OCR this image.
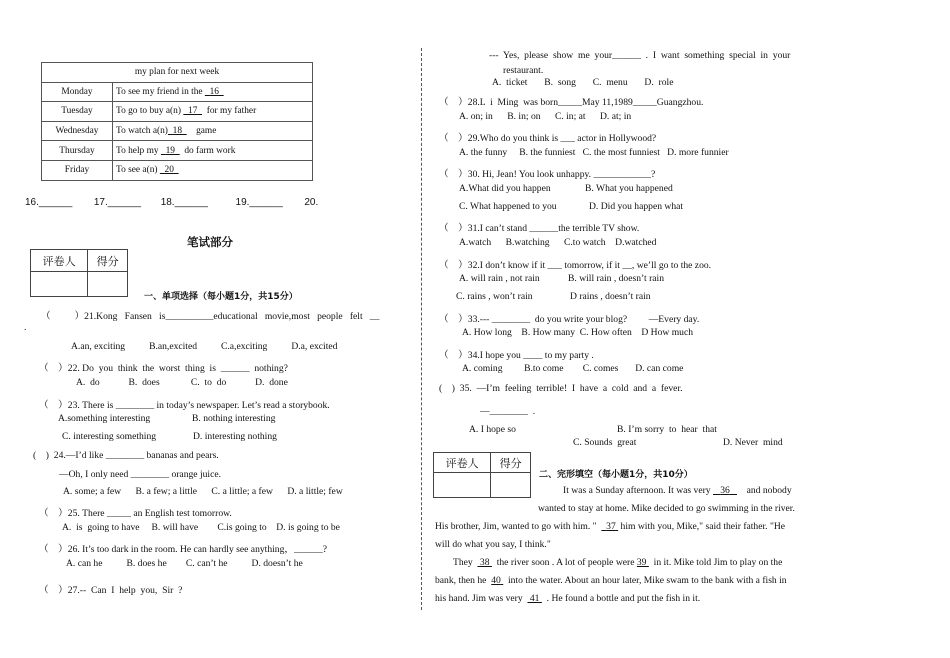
my plan for next week	
Monday	To see my friend in the   16
Tuesday	To go to buy a(n)   17    for my father
Wednesday	To watch a(n) 18      game
Thursday	To help my   19    do farm work
Friday	To see a(n)   20
16.______ 17.______ 18.______	19.______ 20.
笔试部分
评卷人	得分

一、单项选择（每小题1分，共15分）
（          ）21.Kong   Fansen   is__________educational   movie,most   people   felt   __
.
A.an, exciting          B.an,excited          C.a,exciting          D.a, excited
（    ）22. Do  you  think  the  worst  thing  is  ______  nothing?
A.  do            B.  does             C.  to  do            D.  done
（    ）23. There is ________ in today’s newspaper. Let’s read a storybook.
A.something interesting	B. nothing interesting
C. interesting something	D. interesting nothing
(    )  24.—I’d like ________ bananas and pears.
—Oh, I only need ________ orange juice.
A. some; a few      B. a few; a little      C. a little; a few      D. a little; few
（    ）25. There _____ an English test tomorrow.
A.  is  going to have     B. will have        C.is going to    D. is going to be
（    ）26. It’s too dark in the room. He can hardly see anything，______?
A. can he          B. does he        C. can’t he          D. doesn’t he
（    ）27.--  Can  I  help  you,  Sir  ?
---  Yes,  please  show  me  your______  .  I  want  something  special  in  your
restaurant.
A.  ticket       B.  song       C.  menu       D.  role
（    ）28.L  i  Ming  was born_____May 11,1989_____Guangzhou.
A. on; in      B. in; on      C. in; at      D. at; in
（    ）29.Who do you think is ___ actor in Hollywood?
A. the funny     B. the funniest   C. the most funniest   D. more funnier
（    ）30. Hi, Jean! You look unhappy. ____________?
A.What did you happen	B. What you happened
C. What happened to you	D. Did you happen what
（    ）31.I can’t stand ______the terrible TV show.
A.watch      B.watching      C.to watch    D.watched
（    ）32.I don’t know if it ___ tomorrow, if it __, we’ll go to the zoo.
A. will rain , not rain	B. will rain , doesn’t rain
C. rains , won’t rain	D rains , doesn’t rain
（    ）33.--- ________  do you write your blog?         —Every day.
A. How long    B. How many  C. How often    D How much
（    ）34.I hope you ____ to my party .
A. coming         B.to come        C. comes       D. can come
(    )  35.  —I’m  feeling  terrible!  I  have  a  cold  and  a  fever.
—________  .
A. I hope so	B. I’m sorry  to  hear  that
C. Sounds  great	D. Never  mind
评卷人	得分

二、完形填空（每小题1分，共10分）
It was a Sunday afternoon. It was very    36       and nobody
wanted to stay at home. Mike decided to go swimming in the river.
His brother, Jim, wanted to go with him. "    37  him with you, Mike," said their father. "He
will do what you say, I think."
They   38   the river soon . A lot of people were 39   in it. Mike told Jim to play on the
bank, then he  40   into the water. About an hour later, Mike swam to the bank with a fish in
his hand. Jim was very   41   . He found a bottle and put the fish in it.
